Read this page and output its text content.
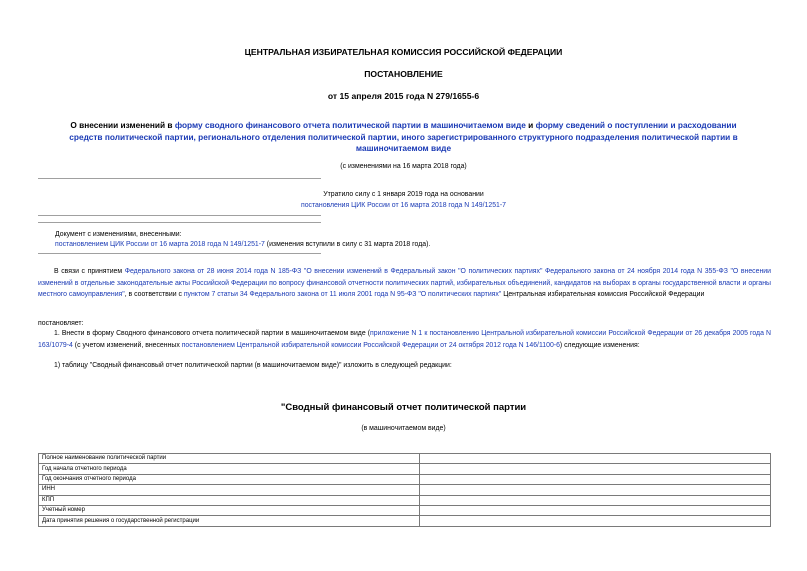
ЦЕНТРАЛЬНАЯ ИЗБИРАТЕЛЬНАЯ КОМИССИЯ РОССИЙСКОЙ ФЕДЕРАЦИИ
ПОСТАНОВЛЕНИЕ
от 15 апреля 2015 года N 279/1655-6
О внесении изменений в форму сводного финансового отчета политической партии в машиночитаемом виде и форму сведений о поступлении и расходовании
средств политической партии, регионального отделения политической партии, иного зарегистрированного структурного подразделения политической партии в
машиночитаемом виде
(с изменениями на 16 марта 2018 года)
Утратило силу с 1 января 2019 года на основании
постановления ЦИК России от 16 марта 2018 года N 149/1251-7
Документ с изменениями, внесенными:
постановлением ЦИК России от 16 марта 2018 года N 149/1251-7 (изменения вступили в силу с 31 марта 2018 года).
В связи с принятием Федерального закона от 28 июня 2014 года N 185-ФЗ "О внесении изменений в Федеральный закон "О политических партиях" Федерального закона от 24 ноября 2014 года N 355-ФЗ "О внесении изменений в отдельные законодательные акты Российской Федерации по вопросу финансовой отчетности политических партий, избирательных объединений, кандидатов на выборах в органы государственной власти и органы местного самоуправления", в соответствии с пунктом 7 статьи 34 Федерального закона от 11 июля 2001 года N 95-ФЗ "О политических партиях" Центральная избирательная комиссия Российской Федерации
постановляет:
1. Внести в форму Сводного финансового отчета политической партии в машиночитаемом виде (приложение N 1 к постановлению Центральной избирательной комиссии Российской Федерации от 26 декабря 2005 года N 163/1079-4 (с учетом изменений, внесенных постановлением Центральной избирательной комиссии Российской Федерации от 24 октября 2012 года N 146/1100-6) следующие изменения:
1) таблицу "Сводный финансовый отчет политической партии (в машиночитаемом виде)" изложить в следующей редакции:
"Сводный финансовый отчет политической партии
(в машиночитаемом виде)
Полное наименование политической партии	
Год начала отчетного периода	
Год окончания отчетного периода	
ИНН	
КПП	
Учетный номер	
Дата принятия решения о государственной регистрации	
